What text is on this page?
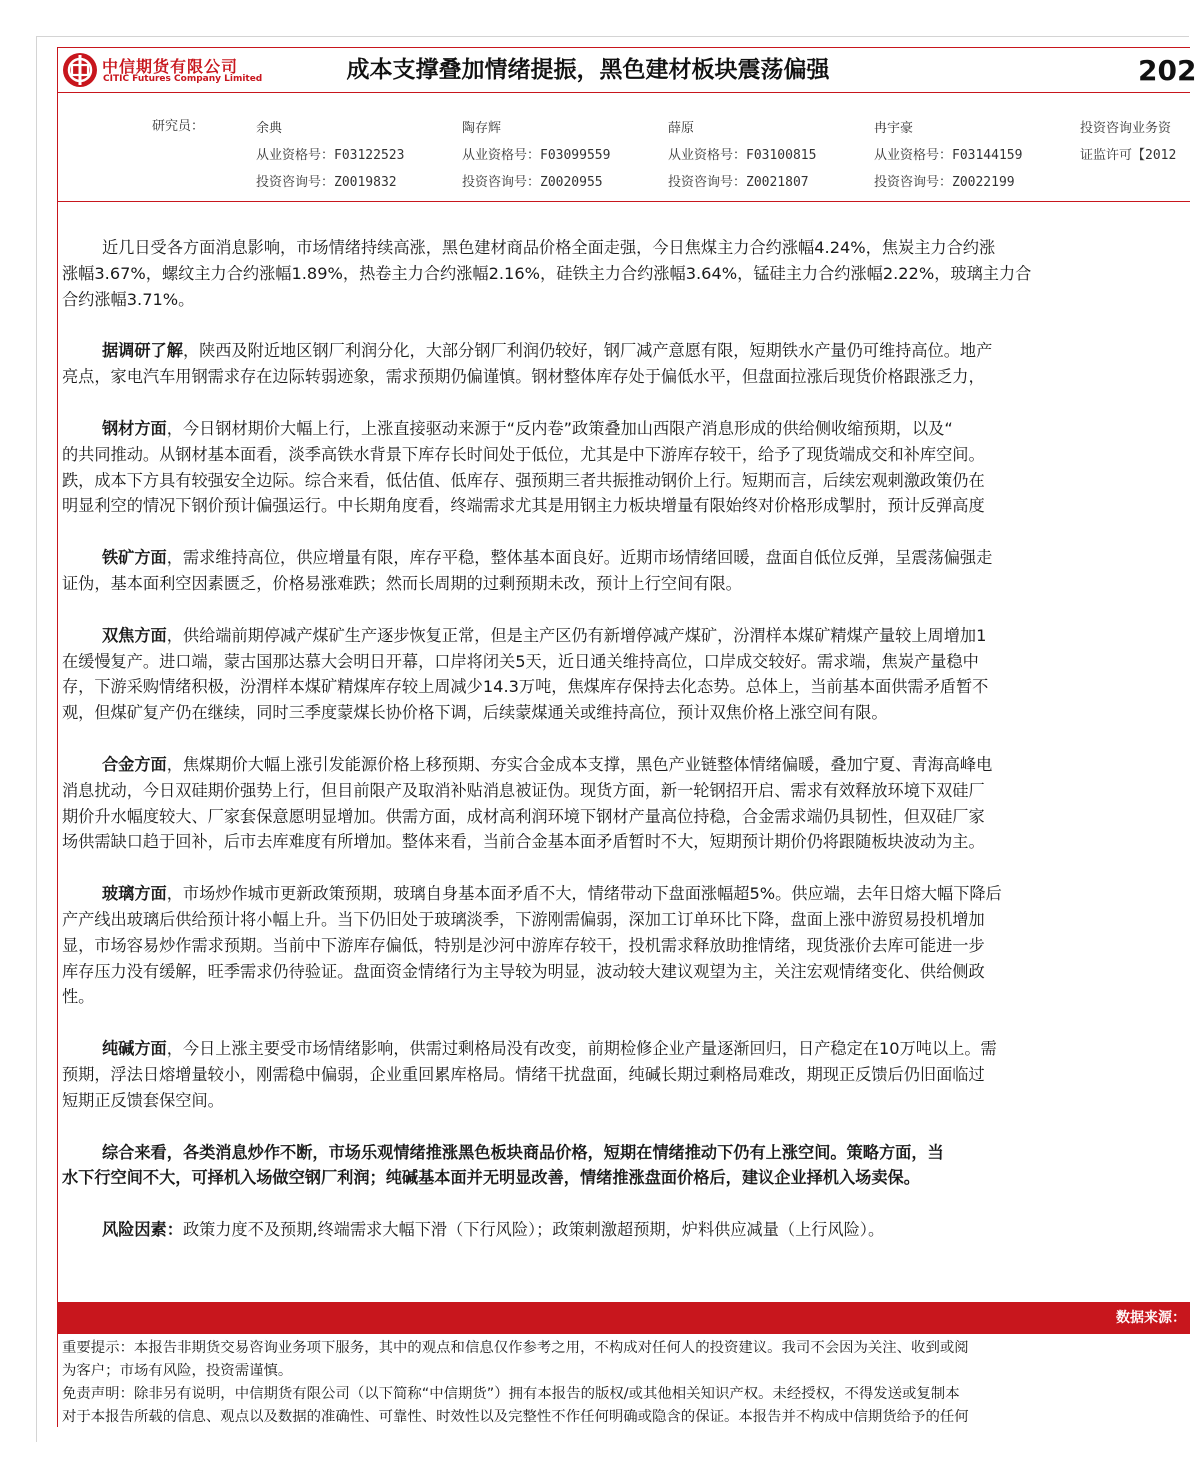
中信期货有限公司
CITIC Futures Company Limited	成本支撑叠加情绪提振，黑色建材板块震荡偏强	202
研究员：	余典
从业资格号：F03122523
投资咨询号：Z0019832
陶存辉
从业资格号：F03099559
投资咨询号：Z0020955
薛原
从业资格号：F03100815
投资咨询号：Z0021807
冉宇豪
从业资格号：F03144159
投资咨询号：Z0022199
投资咨询业务资
证监许可【2012
近几日受各方面消息影响，市场情绪持续高涨，黑色建材商品价格全面走强，今日焦煤主力合约涨幅4.24%，焦炭主力合约涨
涨幅3.67%，螺纹主力合约涨幅1.89%，热卷主力合约涨幅2.16%，硅铁主力合约涨幅3.64%，锰硅主力合约涨幅2.22%，玻璃主力合
合约涨幅3.71%。
据调研了解，陕西及附近地区钢厂利润分化，大部分钢厂利润仍较好，钢厂减产意愿有限，短期铁水产量仍可维持高位。地产
亮点，家电汽车用钢需求存在边际转弱迹象，需求预期仍偏谨慎。钢材整体库存处于偏低水平，但盘面拉涨后现货价格跟涨乏力，
钢材方面，今日钢材期价大幅上行，上涨直接驱动来源于“反内卷”政策叠加山西限产消息形成的供给侧收缩预期，以及“
的共同推动。从钢材基本面看，淡季高铁水背景下库存长时间处于低位，尤其是中下游库存较干，给予了现货端成交和补库空间。
跌，成本下方具有较强安全边际。综合来看，低估值、低库存、强预期三者共振推动钢价上行。短期而言，后续宏观刺激政策仍在
明显利空的情况下钢价预计偏强运行。中长期角度看，终端需求尤其是用钢主力板块增量有限始终对价格形成掣肘，预计反弹高度
铁矿方面，需求维持高位，供应增量有限，库存平稳，整体基本面良好。近期市场情绪回暖，盘面自低位反弹，呈震荡偏强走
证伪，基本面利空因素匮乏，价格易涨难跌；然而长周期的过剩预期未改，预计上行空间有限。
双焦方面，供给端前期停减产煤矿生产逐步恢复正常，但是主产区仍有新增停减产煤矿，汾渭样本煤矿精煤产量较上周增加1
在缓慢复产。进口端，蒙古国那达慕大会明日开幕，口岸将闭关5天，近日通关维持高位，口岸成交较好。需求端，焦炭产量稳中
存，下游采购情绪积极，汾渭样本煤矿精煤库存较上周减少14.3万吨，焦煤库存保持去化态势。总体上，当前基本面供需矛盾暂不
观，但煤矿复产仍在继续，同时三季度蒙煤长协价格下调，后续蒙煤通关或维持高位，预计双焦价格上涨空间有限。
合金方面，焦煤期价大幅上涨引发能源价格上移预期、夯实合金成本支撑，黑色产业链整体情绪偏暖，叠加宁夏、青海高峰电
消息扰动，今日双硅期价强势上行，但目前限产及取消补贴消息被证伪。现货方面，新一轮钢招开启、需求有效释放环境下双硅厂
期价升水幅度较大、厂家套保意愿明显增加。供需方面，成材高利润环境下钢材产量高位持稳，合金需求端仍具韧性，但双硅厂家
场供需缺口趋于回补，后市去库难度有所增加。整体来看，当前合金基本面矛盾暂时不大，短期预计期价仍将跟随板块波动为主。
玻璃方面，市场炒作城市更新政策预期，玻璃自身基本面矛盾不大，情绪带动下盘面涨幅超5%。供应端，去年日熔大幅下降后
产产线出玻璃后供给预计将小幅上升。当下仍旧处于玻璃淡季，下游刚需偏弱，深加工订单环比下降，盘面上涨中游贸易投机增加
显，市场容易炒作需求预期。当前中下游库存偏低，特别是沙河中游库存较干，投机需求释放助推情绪，现货涨价去库可能进一步
库存压力没有缓解，旺季需求仍待验证。盘面资金情绪行为主导较为明显，波动较大建议观望为主，关注宏观情绪变化、供给侧政
性。
纯碱方面，今日上涨主要受市场情绪影响，供需过剩格局没有改变，前期检修企业产量逐渐回归，日产稳定在10万吨以上。需
预期，浮法日熔增量较小，刚需稳中偏弱，企业重回累库格局。情绪干扰盘面，纯碱长期过剩格局难改，期现正反馈后仍旧面临过
短期正反馈套保空间。
综合来看，各类消息炒作不断，市场乐观情绪推涨黑色板块商品价格，短期在情绪推动下仍有上涨空间。策略方面，当
水下行空间不大，可择机入场做空钢厂利润；纯碱基本面并无明显改善，情绪推涨盘面价格后，建议企业择机入场卖保。
风险因素：政策力度不及预期,终端需求大幅下滑（下行风险）；政策刺激超预期，炉料供应减量（上行风险）。
数据来源：
重要提示：本报告非期货交易咨询业务项下服务，其中的观点和信息仅作参考之用，不构成对任何人的投资建议。我司不会因为关注、收到或阅
为客户；市场有风险，投资需谨慎。
免责声明：除非另有说明，中信期货有限公司（以下简称“中信期货”）拥有本报告的版权/或其他相关知识产权。未经授权，不得发送或复制本
对于本报告所载的信息、观点以及数据的准确性、可靠性、时效性以及完整性不作任何明确或隐含的保证。本报告并不构成中信期货给予的任何
